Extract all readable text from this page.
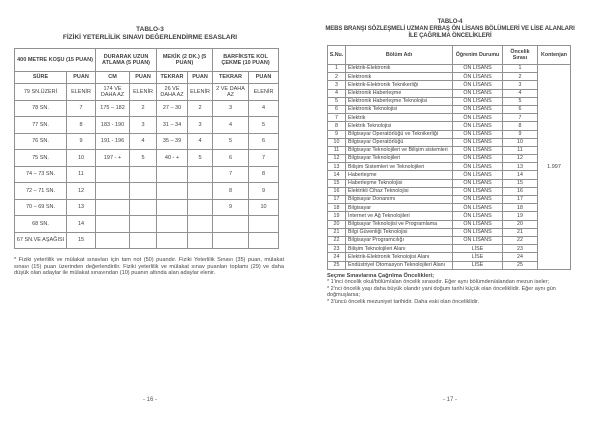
TABLO-3
FİZİKİ YETERLİLİK SINAVI DEĞERLENDİRME ESASLARI
400 METRE KOŞU (15 PUAN)		DURARAK UZUN ATLAMA (5 PUAN)		MEKİK (2 DK.) (5 PUAN)		BARFİKSTE KOL ÇEKME (10 PUAN)	
SÜRE	PUAN	CM	PUAN	TEKRAR	PUAN	TEKRAR	PUAN
79 SN.ÜZERİ	ELENİR	174 VE DAHA AZ	ELENİR	26 VE DAHA AZ	ELENİR	2 VE DAHA AZ	ELENİR
78 SN.	7	175 – 182	2	27 – 30	2	3	4
77 SN.	8	183 - 190	3	31 – 34	3	4	5
76 SN.	9	191 - 196	4	35 – 39	4	5	6
75 SN.	10	197 - +	5	40 - +	5	6	7
74 – 73 SN.	11					7	8
72 – 71 SN.	12					8	9
70 – 69 SN.	13					9	10
68 SN.	14						
67 SN.VE AŞAĞISI	15						

* Fiziki yeterlilik ve mülakat sınavları için tam not (50) puandır. Fiziki Yeterlilik Sınavı (35) puan, mülakat sınavı (15) puan üzerinden değerlendirilir. Fiziki yeterlilik ve mülakat sınav puanları toplamı (29) ve daha düşük olan adaylar ile mülakat sınavından (10) puanın altında alan adaylar elenir.

- 16 -
TABLO-4
MEBS BRANŞI SÖZLEŞMELİ UZMAN ERBAŞ ÖN LİSANS BÖLÜMLERİ VE LİSE ALANLARI
İLE ÇAĞRILMA ÖNCELİKLERİ
S.Nu.	Bölüm Adı	Öğrenim Durumu	Öncelik Sırası	Kontenjan
1	Elektrik-Elektronik	ÖN LİSANS	1	1.997
2	Elektronik	ÖN LİSANS	2	
3	Elektrik-Elektronik Teknikerliği	ÖN LİSANS	3	
4	Elektronik Haberleşme	ÖN LİSANS	4	
5	Elektronik Haberleşme Teknolojisi	ÖN LİSANS	5	
6	Elektronik Teknolojisi	ÖN LİSANS	6	
7	Elektrik	ÖN LİSANS	7	
8	Elektrik Teknolojisi	ÖN LİSANS	8	
9	Bilgisayar Operatörlüğü ve Teknikerliği	ÖN LİSANS	9	
10	Bilgisayar Operatörlüğü	ÖN LİSANS	10	
11	Bilgisayar Teknolojileri ve Bilişim sistemleri	ÖN LİSANS	11	
12	Bilgisayar Teknolojileri	ÖN LİSANS	12	
13	Bilişim Sistemleri ve Teknolojileri	ÖN LİSANS	13	
14	Haberleşme	ÖN LİSANS	14	
15	Haberleşme Teknolojisi	ÖN LİSANS	15	
16	Elektrikli Cihaz Teknolojisi	ÖN LİSANS	16	
17	Bilgisayar Donanımı	ÖN LİSANS	17	
18	Bilgisayar	ÖN LİSANS	18	
19	İnternet ve Ağ Teknolojileri	ÖN LİSANS	19	
20	Bilgisayar Teknolojisi ve Programlama	ÖN LİSANS	20	
21	Bilgi Güvenliği Teknolojisi	ÖN LİSANS	21	
22	Bilgisayar Programcılığı	ÖN LİSANS	22	
23	Bilişim Teknolojileri Alanı	LİSE	23	
24	Elektrik-Elektronik Teknolojisi Alanı	LİSE	24	
25	Endüstriyel Otomasyon Teknolojileri Alanı	LİSE	25	
Seçme Sınavlarına Çağrılma Öncelikleri;
* 1'inci öncelik okul/bölüm/alan öncelik sırasıdır. Eğer aynı bölümden/alandan mezun iseler;
* 2'nci öncelik yaşı daha büyük olandır yani doğum tarihi küçük olan önceliklidir. Eğer aynı gün doğmuşlarsa;
* 3'üncü öncelik mezuniyet tarihidir. Daha eski olan önceliklidir.
- 17 -
